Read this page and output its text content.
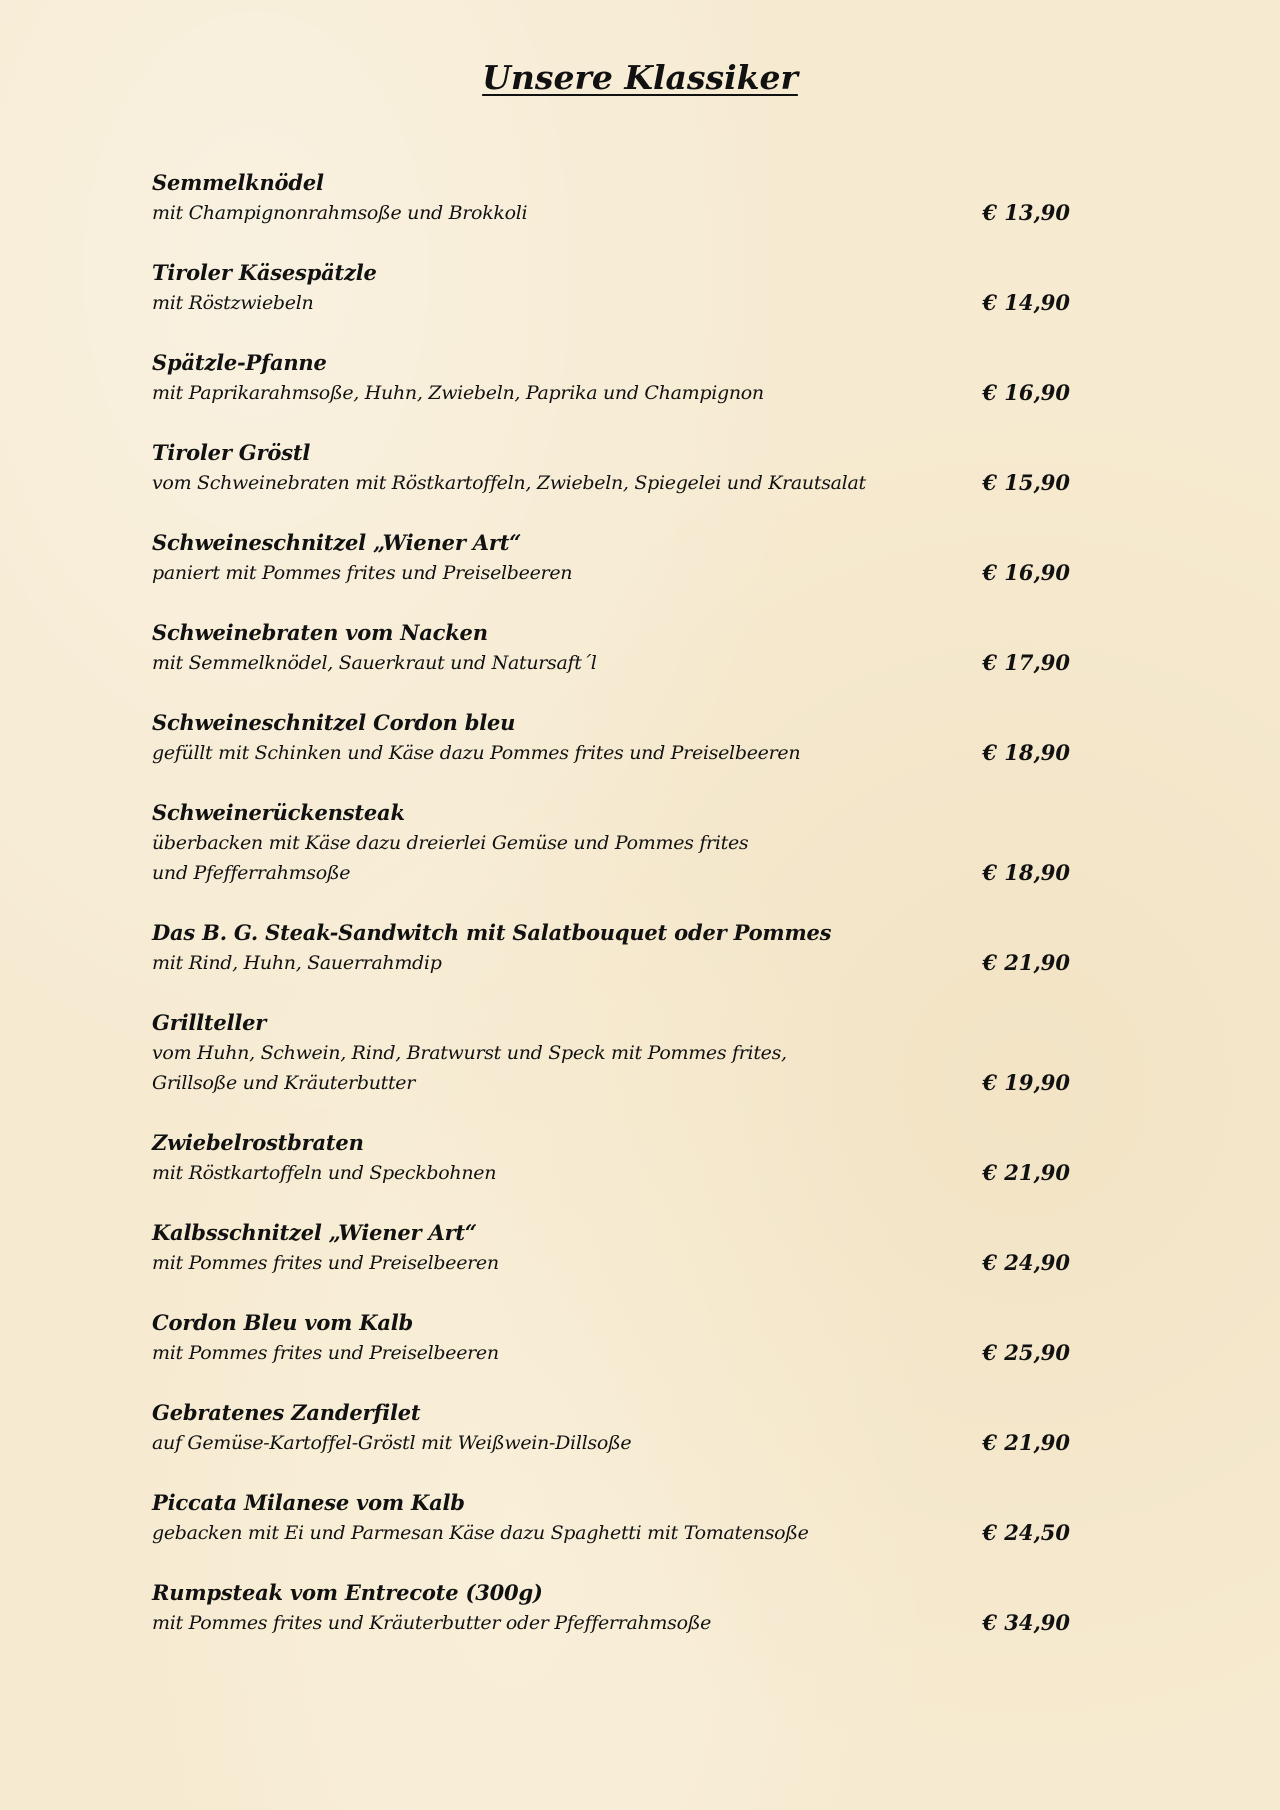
Unsere Klassiker
Semmelknödel
mit Champignonrahmsoße und Brokkoli	€ 13,90
Tiroler Käsespätzle
mit Röstzwiebeln	€ 14,90
Spätzle-Pfanne
mit Paprikarahmsoße, Huhn, Zwiebeln, Paprika und Champignon	€ 16,90
Tiroler Gröstl
vom Schweinebraten mit Röstkartoffeln, Zwiebeln, Spiegelei und Krautsalat	€ 15,90
Schweineschnitzel „Wiener Art“
paniert mit Pommes frites und Preiselbeeren	€ 16,90
Schweinebraten vom Nacken
mit Semmelknödel, Sauerkraut und Natursaft´l	€ 17,90
Schweineschnitzel Cordon bleu
gefüllt mit Schinken und Käse dazu Pommes frites und Preiselbeeren	€ 18,90
Schweinerückensteak
überbacken mit Käse dazu dreierlei Gemüse und Pommes frites
und Pfefferrahmsoße	€ 18,90
Das B. G. Steak-Sandwitch mit Salatbouquet oder Pommes
mit Rind, Huhn, Sauerrahmdip	€ 21,90
Grillteller
vom Huhn, Schwein, Rind, Bratwurst und Speck mit Pommes frites,
Grillsoße und Kräuterbutter	€ 19,90
Zwiebelrostbraten
mit Röstkartoffeln und Speckbohnen	€ 21,90
Kalbsschnitzel „Wiener Art“
mit Pommes frites und Preiselbeeren	€ 24,90
Cordon Bleu vom Kalb
mit Pommes frites und Preiselbeeren	€ 25,90
Gebratenes Zanderfilet
auf Gemüse-Kartoffel-Gröstl mit Weißwein-Dillsoße	€ 21,90
Piccata Milanese vom Kalb
gebacken mit Ei und Parmesan Käse dazu Spaghetti mit Tomatensoße	€ 24,50
Rumpsteak vom Entrecote (300g)
mit Pommes frites und Kräuterbutter oder Pfefferrahmsoße	€ 34,90
